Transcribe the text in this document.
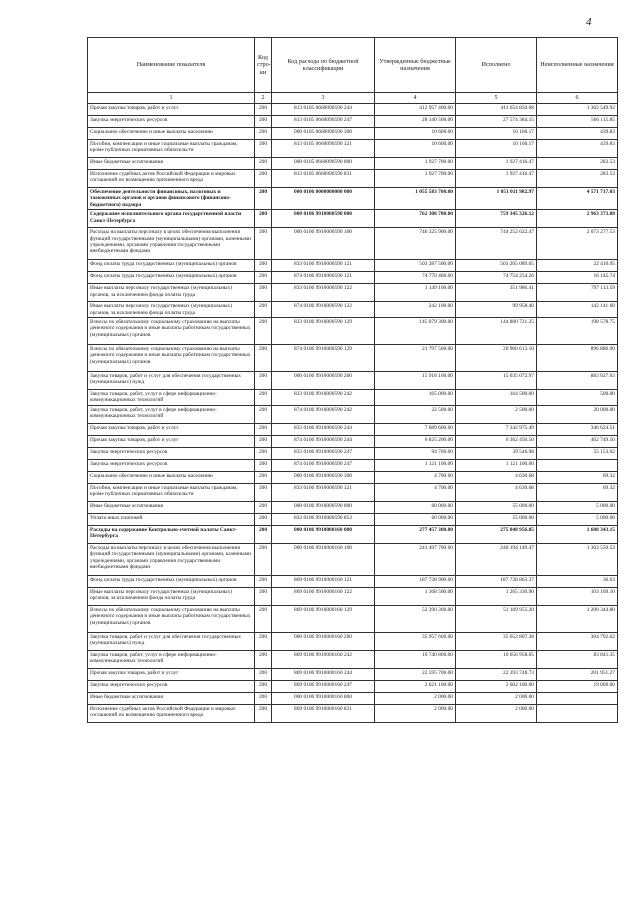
4
Наименование показателя	Код стро-ки	Код расхода по бюджетной классификации	Утвержденные бюджетные назначения	Исполнено	Неисполненные назначения
1	2	3	4	5	6
Прочая закупка товаров, работ и услуг	200	813 0105 0660090590 244	412 957 400.00	411 654 850.08	1 302 549.92
Закупка энергетических ресурсов	200	813 0105 0660090590 247	28 140 500.00	27 574 384.15	566 115.85
Социальное обеспечение и иные выплаты населению	200	000 0105 0660090590 300	10 600.00	10 160.17	439.83
Пособия, компенсации и иные социальные выплаты гражданам, кроме публичных нормативных обязательств	200	813 0105 0660090590 321	10 600.00	10 160.17	439.83
Иные бюджетные ассигнования	200	000 0105 0660090590 800	1 927 700.00	1 927 416.47	283.53
Исполнение судебных актов Российской Федерации и мировых соглашений по возмещению причиненного вреда	200	813 0105 0660090590 831	1 927 700.00	1 927 416.47	283.53
Обеспечение деятельности финансовых, налоговых и таможенных органов и органов финансового (финансово-бюджетного) надзора	200	000 0106 0000000000 000	1 055 583 700.00	1 051 011 982.97	4 571 717.03
Содержание исполнительного органа государственной власти Санкт-Петербурга	200	000 0106 9910000590 000	762 308 700.00	759 345 326.12	2 963 373.88
Расходы на выплаты персоналу в целях обеспечения выполнения функций государственными (муниципальными) органами, казенными учреждениями, органами управления государственными внебюджетными фондами	200	000 0106 9910000590 100	746 325 900.00	744 252 622.47	2 073 277.53
Фонд оплаты труда государственных (муниципальных) органов	200	833 0106 9910000590 121	503 287 500.00	503 265 089.05	22 410.95
Фонд оплаты труда государственных (муниципальных) органов	200	874 0106 9910000590 121	74 770 400.00	74 754 254.26	16 145.74
Иные выплаты персоналу государственных (муниципальных) органов, за исключением фонда оплаты труда	200	833 0106 9910000590 122	1 149 100.00	351 986.41	797 113.59
Иные выплаты персоналу государственных (муниципальных) органов, за исключением фонда оплаты труда	200	874 0106 9910000590 122	242 100.00	99 958.40	142 141.60
Взносы по обязательному социальному страхованию на выплаты денежного содержания и иные выплаты работникам государственных (муниципальных) органов	200	833 0106 9910000590 129	145 079 300.00	144 880 721.25	198 578.75
Взносы по обязательному социальному страхованию на выплаты денежного содержания и иные выплаты работникам государственных (муниципальных) органов	200	874 0106 9910000590 129	21 797 500.00	20 900 613.10	896 886.90
Закупка товаров, работ и услуг для обеспечения государственных (муниципальных) нужд	200	000 0106 9910000590 200	15 918 100.00	15 035 072.97	883 027.03
Закупка товаров, работ, услуг в сфере информационно-коммуникационных технологий	200	833 0106 9910000590 242	165 000.00	164 500.00	500.00
Закупка товаров, работ, услуг в сфере информационно-коммуникационных технологий	200	874 0106 9910000590 242	22 500.00	2 500.00	20 000.00
Прочая закупка товаров, работ и услуг	200	833 0106 9910000590 244	7 689 600.00	7 342 975.49	346 624.51
Прочая закупка товаров, работ и услуг	200	874 0106 9910000590 244	6 825 200.00	6 362 450.50	462 749.50
Закупка энергетических ресурсов	200	833 0106 9910000590 247	94 700.00	39 546.98	55 153.02
Закупка энергетических ресурсов	200	874 0106 9910000590 247	1 121 100.00	1 121 100.00	
Социальное обеспечение и иные выплаты населению	200	000 0106 9910000590 300	4 700.00	4 630.68	69.32
Пособия, компенсации и иные социальные выплаты гражданам, кроме публичных нормативных обязательств	200	833 0106 9910000590 321	4 700.00	4 630.68	69.32
Иные бюджетные ассигнования	200	000 0106 9910000590 800	60 000.00	55 000.00	5 000.00
Уплата иных платежей	200	833 0106 9910000590 853	60 000.00	55 000.00	5 000.00
Расходы на содержание Контрольно-счетной палаты Санкт-Петербурга	200	000 0106 9910000160 000	277 457 300.00	275 848 956.85	1 608 343.15
Расходы на выплаты персоналу в целях обеспечения выполнения функций государственными (муниципальными) органами, казенными учреждениями, органами управления государственными внебюджетными фондами	200	000 0106 9910000160 100	241 497 700.00	240 194 149.47	1 303 550.53
Фонд оплаты труда государственных (муниципальных) органов	200	869 0106 9910000160 121	187 738 900.00	187 738 863.37	36.63
Иные выплаты персоналу государственных (муниципальных) органов, за исключением фонда оплаты труда	200	869 0106 9910000160 122	1 368 500.00	1 265 330.90	103 169.10
Взносы по обязательному социальному страхованию на выплаты денежного содержания и иные выплаты работникам государственных (муниципальных) органов	200	869 0106 9910000160 129	52 390 300.00	51 189 955.20	1 200 344.80
Закупка товаров, работ и услуг для обеспечения государственных (муниципальных) нужд	200	000 0106 9910000160 200	35 957 600.00	35 652 807.38	304 792.62
Закупка товаров, работ, услуг в сфере информационно-коммуникационных технологий	200	869 0106 9910000160 242	10 740 800.00	10 656 958.65	83 841.35
Прочая закупка товаров, работ и услуг	200	869 0106 9910000160 244	22 595 700.00	22 393 748.73	201 951.27
Закупка энергетических ресурсов	200	869 0106 9910000160 247	2 621 100.00	2 602 100.00	19 000.00
Иные бюджетные ассигнования	200	000 0106 9910000160 800	2 000.00	2 000.00	
Исполнение судебных актов Российской Федерации и мировых соглашений по возмещению причиненного вреда	200	869 0106 9910000160 831	2 000.00	2 000.00	
